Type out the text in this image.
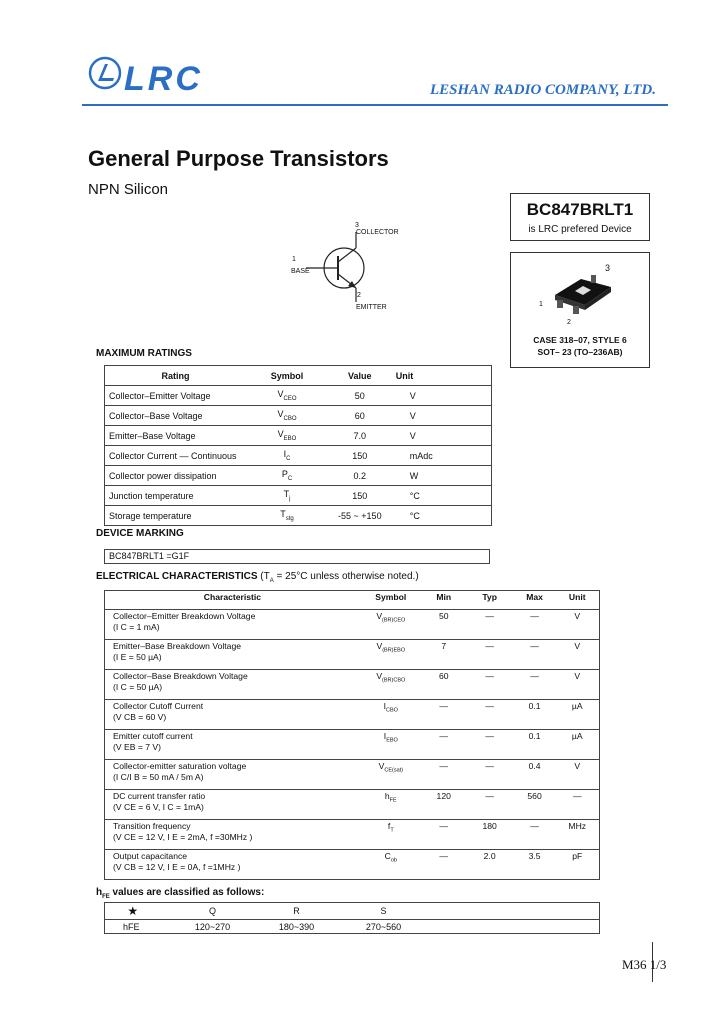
LRC	LESHAN RADIO COMPANY, LTD.
General Purpose Transistors
NPN Silicon
BC847BRLT1
is LRC prefered Device
3
COLLECTOR
1
BASE
2
EMITTER
3
1
2
CASE 318–07, STYLE 6
SOT– 23 (TO–236AB)
MAXIMUM RATINGS
Rating	Symbol	Value	Unit
Collector–Emitter Voltage	$V_{CEO}$	50	V
Collector–Base Voltage	$V_{CBO}$	60	V
Emitter–Base Voltage	$V_{EBO}$	7.0	V
Collector Current — Continuous	$I_C$	150	mAdc
Collector power dissipation	$P_C$	0.2	W
Junction temperature	$T_j$	150	°C
Storage temperature	$T_{stg}$	-55 ~ +150	°C
DEVICE MARKING
BC847BRLT1 =G1F
ELECTRICAL CHARACTERISTICS ($T_A = 25^\circ C$ unless otherwise noted.)
Characteristic	Symbol	Min	Typ	Max	Unit

Collector–Emitter Breakdown Voltage
(I C = 1 mA)	$V_{(BR)CEO}$	50	—	—	V

Emitter–Base Breakdown Voltage
(I E = 50 µA)	$V_{(BR)EBO}$	7	—	—	V

Collector–Base Breakdown Voltage
(I C = 50 µA)	$V_{(BR)CBO}$	60	—	—	V

Collector Cutoff Current
(V CB = 60 V)	$I_{CBO}$	—	—	0.1	µA

Emitter cutoff current
(V EB = 7 V)	$I_{EBO}$	—	—	0.1	µA

Collector-emitter saturation voltage
(I C/I B = 50 mA / 5m A)	$V_{CE(sat)}$	—	—	0.4	V

DC current transfer ratio
(V CE = 6 V, I C = 1mA)	$h_{FE}$	120	—	560	—

Transition frequency
(V CE = 12 V, I E = 2mA, f =30MHz )	$f_T$	—	180	—	MHz

Output capacitance
(V CB = 12 V, I E = 0A, f =1MHz )	$C_{ob}$	—	2.0	3.5	pF
$h_{FE}$ values are classified as follows:
★	Q	R	S	
hFE	120~270	180~390	270~560	
M36 1/3
